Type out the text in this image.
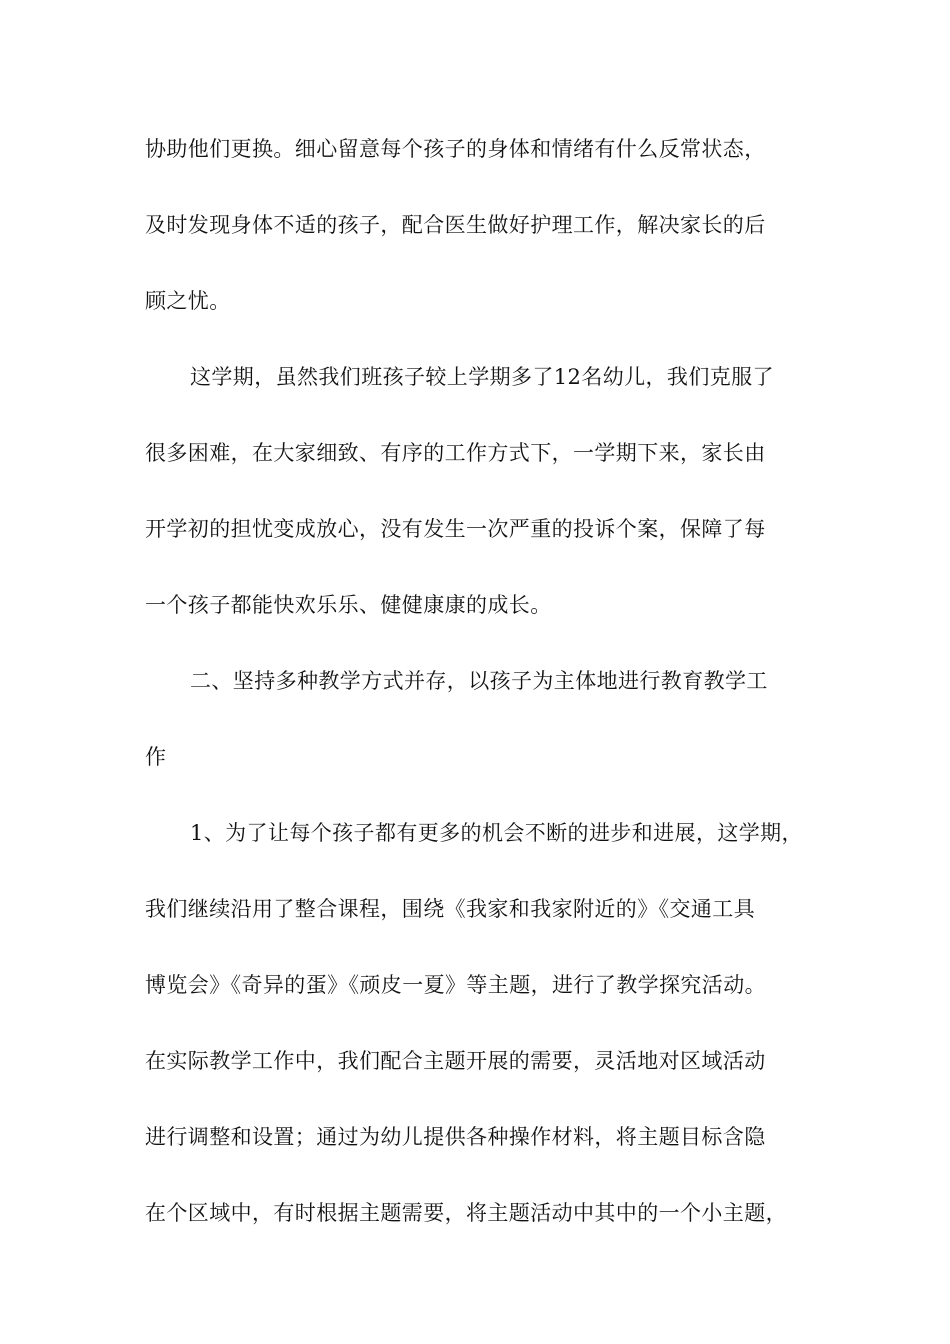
协助他们更换。细心留意每个孩子的身体和情绪有什么反常状态，
及时发现身体不适的孩子，配合医生做好护理工作，解决家长的后
顾之忧。
这学期，虽然我们班孩子较上学期多了12名幼儿，我们克服了
很多困难，在大家细致、有序的工作方式下，一学期下来，家长由
开学初的担忧变成放心，没有发生一次严重的投诉个案，保障了每
一个孩子都能快欢乐乐、健健康康的成长。
二、坚持多种教学方式并存，以孩子为主体地进行教育教学工
作
1、为了让每个孩子都有更多的机会不断的进步和进展，这学期，
我们继续沿用了整合课程，围绕《我家和我家附近的》《交通工具
博览会》《奇异的蛋》《顽皮一夏》等主题，进行了教学探究活动。
在实际教学工作中，我们配合主题开展的需要，灵活地对区域活动
进行调整和设置；通过为幼儿提供各种操作材料，将主题目标含隐
在个区域中，有时根据主题需要，将主题活动中其中的一个小主题，
